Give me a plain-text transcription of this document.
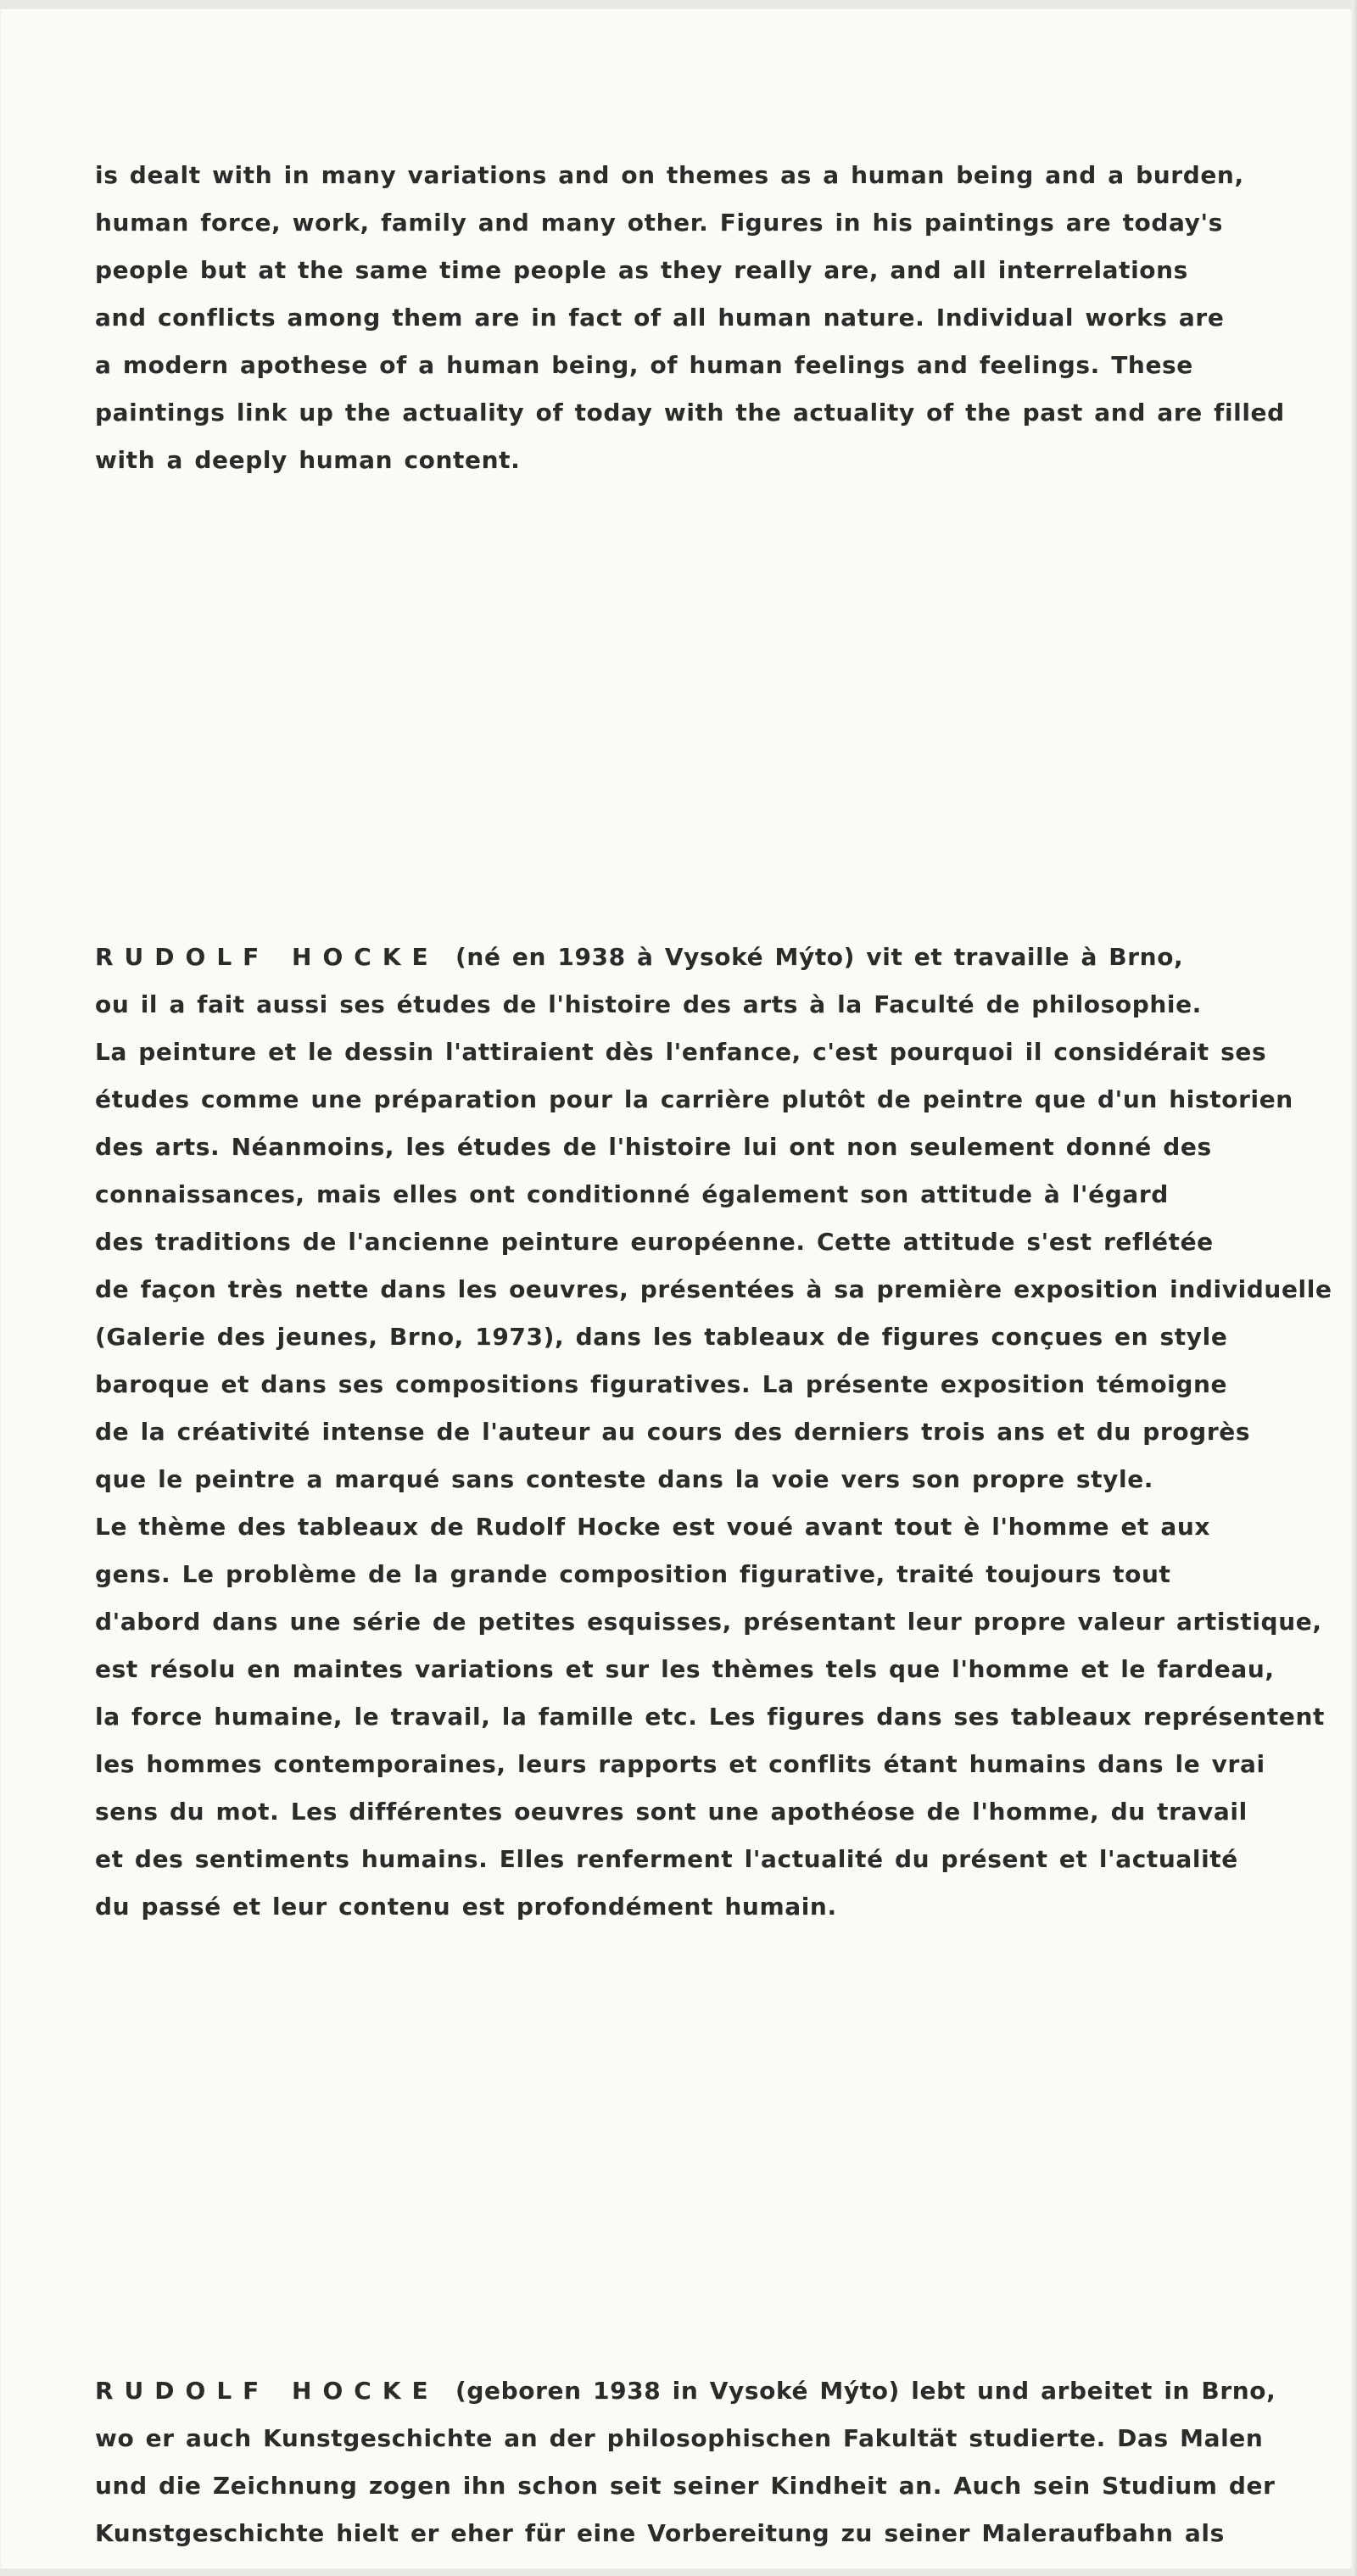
is dealt with in many variations and on themes as a human being and a burden,
human force, work, family and many other. Figures in his paintings are today's
people but at the same time people as they really are, and all interrelations
and conflicts among them are in fact of all human nature. Individual works are
a modern apothese of a human being, of human feelings and feelings. These
paintings link up the actuality of today with the actuality of the past and are filled
with a deeply human content.
RUDOLF HOCKE (né en 1938 à Vysoké Mýto) vit et travaille à Brno,
ou il a fait aussi ses études de l'histoire des arts à la Faculté de philosophie.
La peinture et le dessin l'attiraient dès l'enfance, c'est pourquoi il considérait ses
études comme une préparation pour la carrière plutôt de peintre que d'un historien
des arts. Néanmoins, les études de l'histoire lui ont non seulement donné des
connaissances, mais elles ont conditionné également son attitude à l'égard
des traditions de l'ancienne peinture européenne. Cette attitude s'est reflétée
de façon très nette dans les oeuvres, présentées à sa première exposition individuelle
(Galerie des jeunes, Brno, 1973), dans les tableaux de figures conçues en style
baroque et dans ses compositions figuratives. La présente exposition témoigne
de la créativité intense de l'auteur au cours des derniers trois ans et du progrès
que le peintre a marqué sans conteste dans la voie vers son propre style.
Le thème des tableaux de Rudolf Hocke est voué avant tout è l'homme et aux
gens. Le problème de la grande composition figurative, traité toujours tout
d'abord dans une série de petites esquisses, présentant leur propre valeur artistique,
est résolu en maintes variations et sur les thèmes tels que l'homme et le fardeau,
la force humaine, le travail, la famille etc. Les figures dans ses tableaux représentent
les hommes contemporaines, leurs rapports et conflits étant humains dans le vrai
sens du mot. Les différentes oeuvres sont une apothéose de l'homme, du travail
et des sentiments humains. Elles renferment l'actualité du présent et l'actualité
du passé et leur contenu est profondément humain.
RUDOLF HOCKE (geboren 1938 in Vysoké Mýto) lebt und arbeitet in Brno,
wo er auch Kunstgeschichte an der philosophischen Fakultät studierte. Das Malen
und die Zeichnung zogen ihn schon seit seiner Kindheit an. Auch sein Studium der
Kunstgeschichte hielt er eher für eine Vorbereitung zu seiner Maleraufbahn als
